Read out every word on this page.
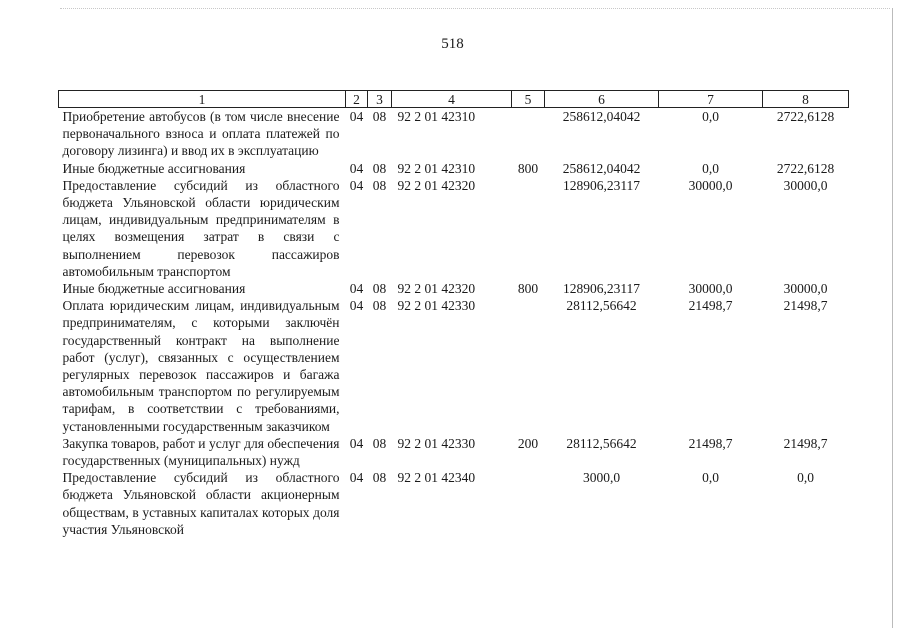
518
1	2	3	4	5	6	7	8
Приобретение автобусов (в том числе внесение первоначального взноса и оплата платежей по договору лизинга) и ввод их в эксплуатацию	04	08	92 2 01 42310		258612,04042	0,0	2722,6128
Иные бюджетные ассигнования	04	08	92 2 01 42310	800	258612,04042	0,0	2722,6128
Предоставление субсидий из областного бюджета Ульяновской области юридическим лицам, индивидуальным предпринимателям в целях возмещения затрат в связи с выполнением перевозок пассажиров автомобильным транспортом	04	08	92 2 01 42320		128906,23117	30000,0	30000,0
Иные бюджетные ассигнования	04	08	92 2 01 42320	800	128906,23117	30000,0	30000,0
Оплата юридическим лицам, индивидуальным предпринимателям, с которыми заключён государственный контракт на выполнение работ (услуг), связанных с осуществлением регулярных перевозок пассажиров и багажа автомобильным транспортом по регулируемым тарифам, в соответствии с требованиями, установленными государственным заказчиком	04	08	92 2 01 42330		28112,56642	21498,7	21498,7
Закупка товаров, работ и услуг для обеспечения государственных (муниципальных) нужд	04	08	92 2 01 42330	200	28112,56642	21498,7	21498,7
Предоставление субсидий из областного бюджета Ульяновской области акционерным обществам, в уставных капиталах которых доля участия Ульяновской	04	08	92 2 01 42340		3000,0	0,0	0,0
